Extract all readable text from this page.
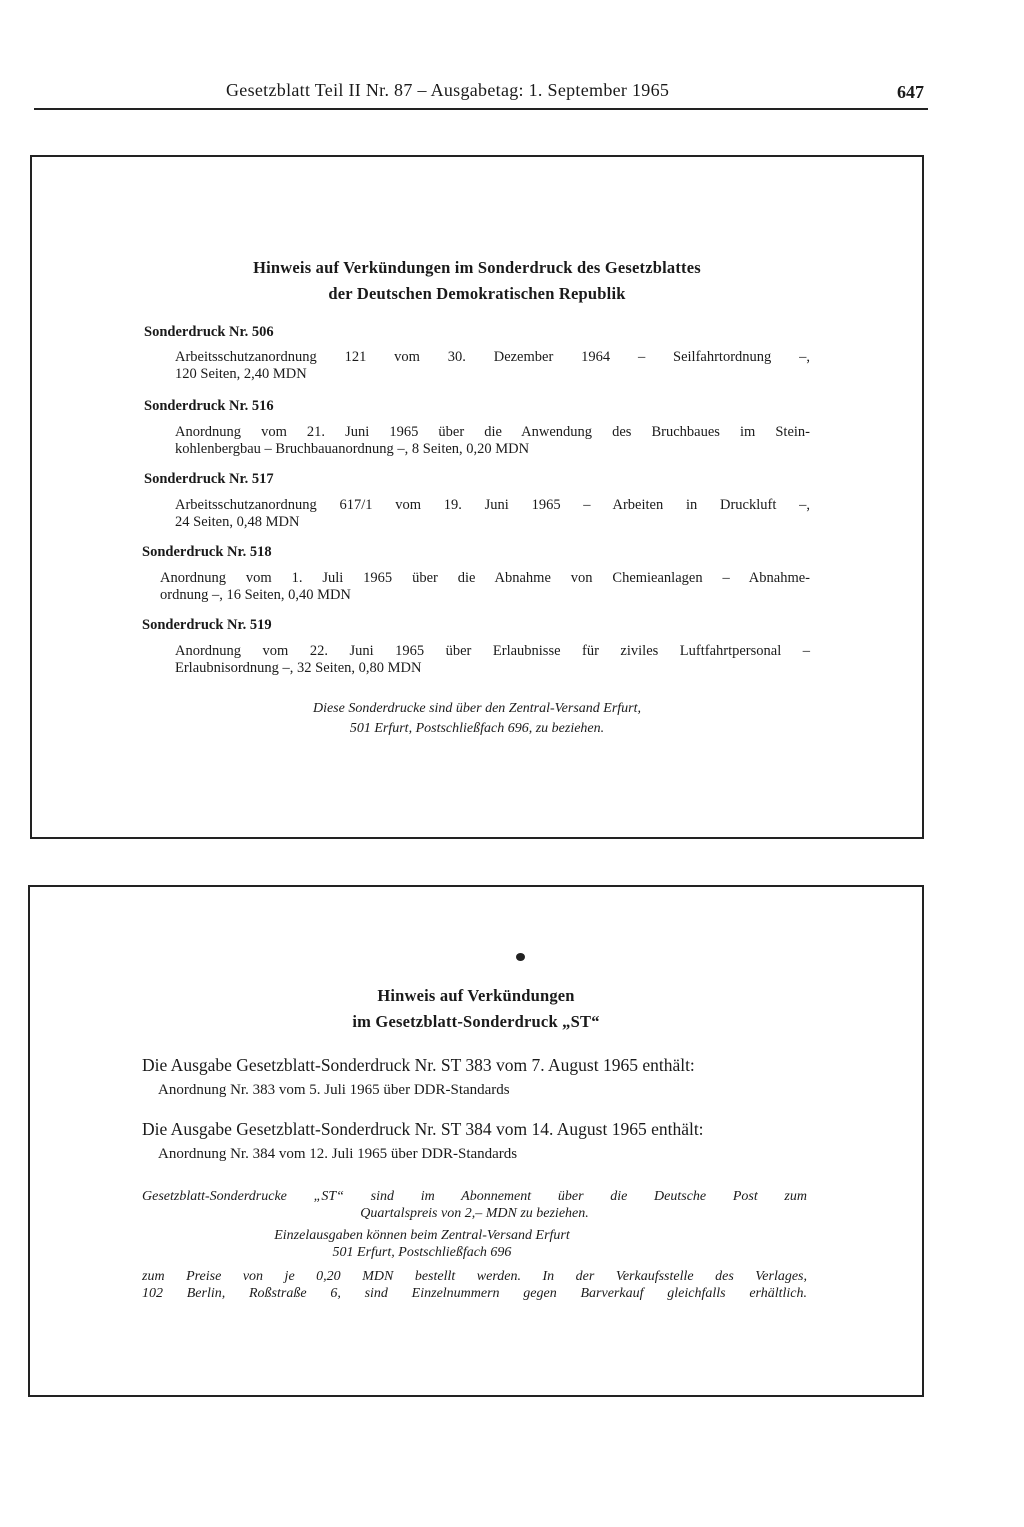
Gesetzblatt Teil II Nr. 87 – Ausgabetag: 1. September 1965	647
Hinweis auf Verkündungen im Sonderdruck des Gesetzblattes
der Deutschen Demokratischen Republik
Sonderdruck Nr. 506
Arbeitsschutzanordnung 121 vom 30. Dezember 1964 – Seilfahrtordnung –,
120 Seiten, 2,40 MDN
Sonderdruck Nr. 516
Anordnung vom 21. Juni 1965 über die Anwendung des Bruchbaues im Stein-
kohlenbergbau – Bruchbauanordnung –, 8 Seiten, 0,20 MDN
Sonderdruck Nr. 517
Arbeitsschutzanordnung 617/1 vom 19. Juni 1965 – Arbeiten in Druckluft –,
24 Seiten, 0,48 MDN
Sonderdruck Nr. 518
Anordnung vom 1. Juli 1965 über die Abnahme von Chemieanlagen – Abnahme-
ordnung –, 16 Seiten, 0,40 MDN
Sonderdruck Nr. 519
Anordnung vom 22. Juni 1965 über Erlaubnisse für ziviles Luftfahrtpersonal –
Erlaubnisordnung –, 32 Seiten, 0,80 MDN
Diese Sonderdrucke sind über den Zentral-Versand Erfurt,
501 Erfurt, Postschließfach 696, zu beziehen.
Hinweis auf Verkündungen
im Gesetzblatt-Sonderdruck „ST“
Die Ausgabe Gesetzblatt-Sonderdruck Nr. ST 383 vom 7. August 1965 enthält:
Anordnung Nr. 383 vom 5. Juli 1965 über DDR-Standards
Die Ausgabe Gesetzblatt-Sonderdruck Nr. ST 384 vom 14. August 1965 enthält:
Anordnung Nr. 384 vom 12. Juli 1965 über DDR-Standards
Gesetzblatt-Sonderdrucke „ST“ sind im Abonnement über die Deutsche Post zum
Quartalspreis von 2,– MDN zu beziehen.
Einzelausgaben können beim Zentral-Versand Erfurt
501 Erfurt, Postschließfach 696
zum Preise von je 0,20 MDN bestellt werden. In der Verkaufsstelle des Verlages,
102 Berlin, Roßstraße 6, sind Einzelnummern gegen Barverkauf gleichfalls erhältlich.
